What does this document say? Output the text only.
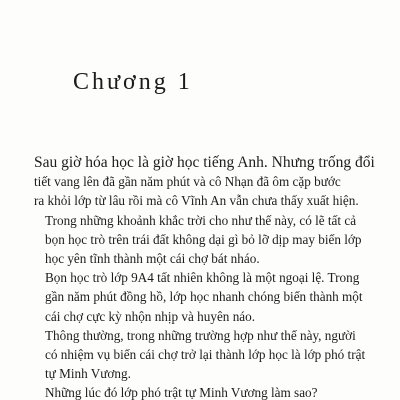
Chương 1

Sau giờ hóa học là giờ học tiếng Anh. Nhưng trống đổi
tiết vang lên đã gần năm phút và cô Nhạn đã ôm cặp bước
ra khỏi lớp từ lâu rồi mà cô Vĩnh An vẫn chưa thấy xuất hiện.

Trong những khoảnh khắc trời cho như thế này, có lẽ tất cả
bọn học trò trên trái đất không dại gì bỏ lỡ dịp may biến lớp
học yên tĩnh thành một cái chợ bát nháo.

Bọn học trò lớp 9A4 tất nhiên không là một ngoại lệ. Trong
gần năm phút đồng hồ, lớp học nhanh chóng biến thành một
cái chợ cực kỳ nhộn nhịp và huyên náo.

Thông thường, trong những trường hợp như thế này, người
có nhiệm vụ biến cái chợ trở lại thành lớp học là lớp phó trật
tự Minh Vương.

Những lúc đó lớp phó trật tự Minh Vương làm sao?
